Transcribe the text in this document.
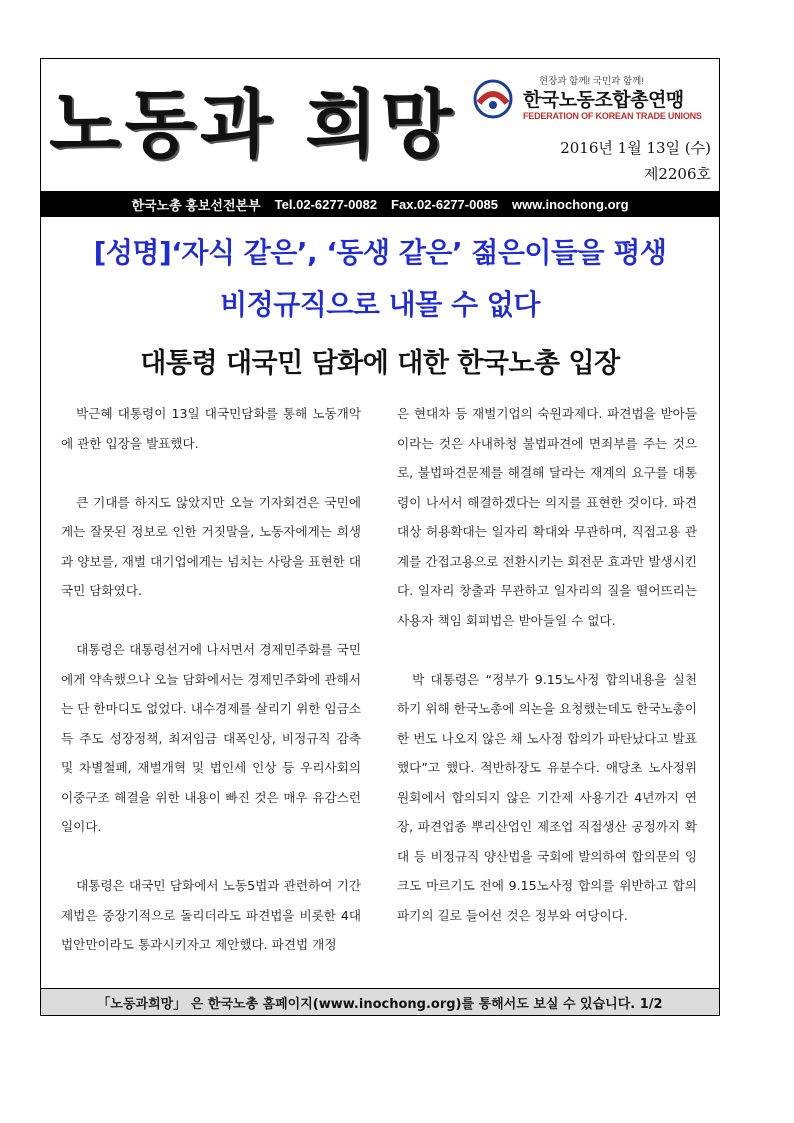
노동과 희망
현장과 함께! 국민과 함께!
한국노동조합총연맹
FEDERATION OF KOREAN TRADE UNIONS
2016년 1월 13일 (수)
제2206호
한국노총 홍보선전본부 Tel.02-6277-0082 Fax.02-6277-0085 www.inochong.org
[성명]‘자식 같은’, ‘동생 같은’ 젊은이들을 평생
비정규직으로 내몰 수 없다
대통령 대국민 담화에 대한 한국노총 입장

박근혜 대통령이 13일 대국민담화를 통해 노동개악에 관한 입장을 발표했다.

큰 기대를 하지도 않았지만 오늘 기자회견은 국민에게는 잘못된 정보로 인한 거짓말을, 노동자에게는 희생과 양보를, 재벌 대기업에게는 넘치는 사랑을 표현한 대국민 담화였다.

대통령은 대통령선거에 나서면서 경제민주화를 국민에게 약속했으나 오늘 담화에서는 경제민주화에 관해서는 단 한마디도 없었다. 내수경제를 살리기 위한 임금소득 주도 성장정책, 최저임금 대폭인상, 비정규직 감축 및 차별철폐, 재벌개혁 및 법인세 인상 등 우리사회의 이중구조 해결을 위한 내용이 빠진 것은 매우 유감스런 일이다.

대통령은 대국민 담화에서 노동5법과 관련하여 기간제법은 중장기적으로 돌리더라도 파견법을 비롯한 4대 법안만이라도 통과시키자고 제안했다. 파견법 개정

은 현대차 등 재벌기업의 숙원과제다. 파견법을 받아들이라는 것은 사내하청 불법파견에 면죄부를 주는 것으로, 불법파견문제를 해결해 달라는 재계의 요구를 대통령이 나서서 해결하겠다는 의지를 표현한 것이다. 파견대상 허용확대는 일자리 확대와 무관하며, 직접고용 관계를 간접고용으로 전환시키는 회전문 효과만 발생시킨다. 일자리 창출과 무관하고 일자리의 질을 떨어뜨리는 사용자 책임 회피법은 받아들일 수 없다.

박 대통령은 “정부가 9.15노사정 합의내용을 실천하기 위해 한국노총에 의논을 요청했는데도 한국노총이 한 번도 나오지 않은 채 노사정 합의가 파탄났다고 발표했다”고 했다. 적반하장도 유분수다. 애당초 노사정위원회에서 합의되지 않은 기간제 사용기간 4년까지 연장, 파견업종 뿌리산업인 제조업 직접생산 공정까지 확대 등 비정규직 양산법을 국회에 발의하여 합의문의 잉크도 마르기도 전에 9.15노사정 합의를 위반하고 합의 파기의 길로 들어선 것은 정부와 여당이다.

「노동과희망」 은 한국노총 홈페이지(www.inochong.org)를 통해서도 보실 수 있습니다. 1/2
